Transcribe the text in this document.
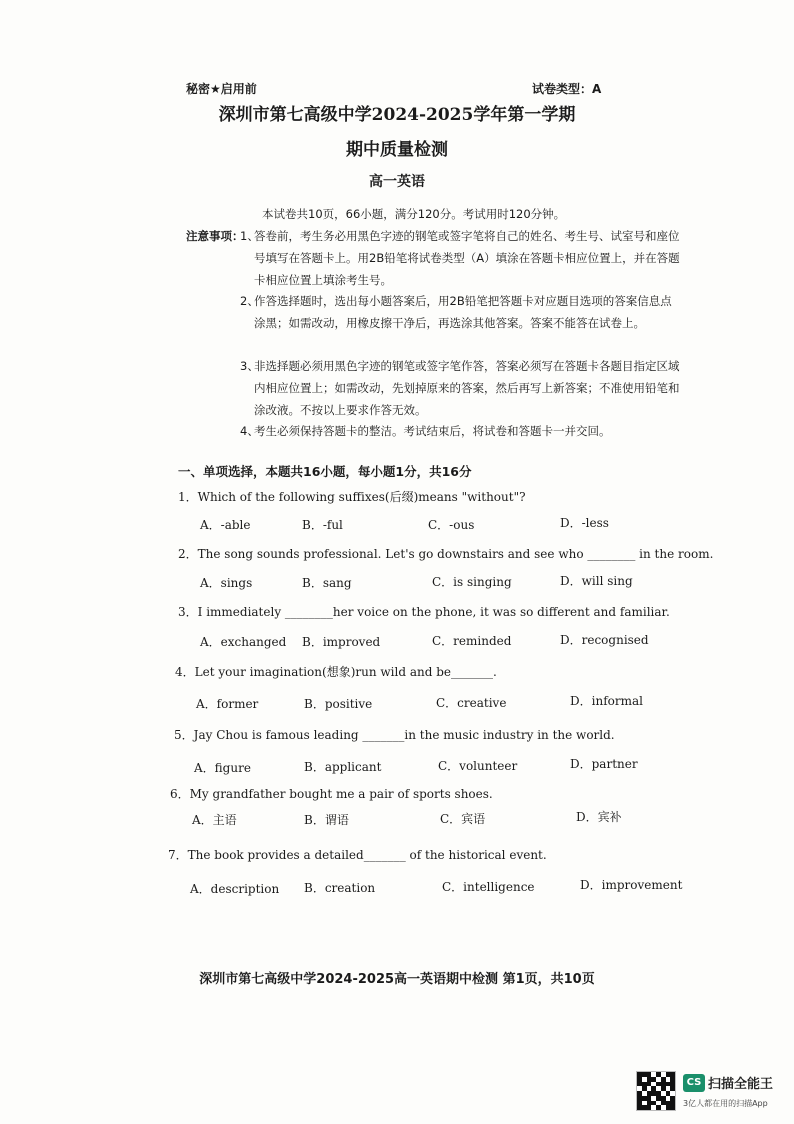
秘密★启用前	试卷类型：A
深圳市第七高级中学2024-2025学年第一学期
期中质量检测
高一英语
本试卷共10页，66小题，满分120分。考试用时120分钟。
注意事项：
1、
答卷前，考生务必用黑色字迹的钢笔或签字笔将自己的姓名、考生号、试室号和座位号填写在答题卡上。用2B铅笔将试卷类型（A）填涂在答题卡相应位置上，并在答题卡相应位置上填涂考生号。
2、
作答选择题时，选出每小题答案后，用2B铅笔把答题卡对应题目选项的答案信息点涂黑；如需改动，用橡皮擦干净后，再选涂其他答案。答案不能答在试卷上。
3、
非选择题必须用黑色字迹的钢笔或签字笔作答，答案必须写在答题卡各题目指定区域内相应位置上；如需改动，先划掉原来的答案，然后再写上新答案；不准使用铅笔和涂改液。不按以上要求作答无效。
4、
考生必须保持答题卡的整洁。考试结束后，将试卷和答题卡一并交回。
一、单项选择，本题共16小题，每小题1分，共16分
1．Which of the following suffixes(后缀)means "without"?
A．-able	B．-ful	C．-ous	D．-less
2．The song sounds professional. Let's go downstairs and see who ________ in the room.
A．sings	B．sang	C．is singing	D．will sing
3．I immediately ________her voice on the phone, it was so different and familiar.
A．exchanged B．improved	C．reminded	D．recognised
4．Let your imagination(想象)run wild and be_______.
A．former	B．positive	C．creative	D．informal
5．Jay Chou is famous leading _______in the music industry in the world.
A．figure	B．applicant	C．volunteer	D．partner
6．My grandfather bought me a pair of sports shoes.
A．主语	B．谓语	C．宾语	D．宾补
7．The book provides a detailed_______ of the historical event.
A．description B．creation	C．intelligence	D．improvement
深圳市第七高级中学2024-2025高一英语期中检测 第1页，共10页
CS 扫描全能王
3亿人都在用的扫描App
